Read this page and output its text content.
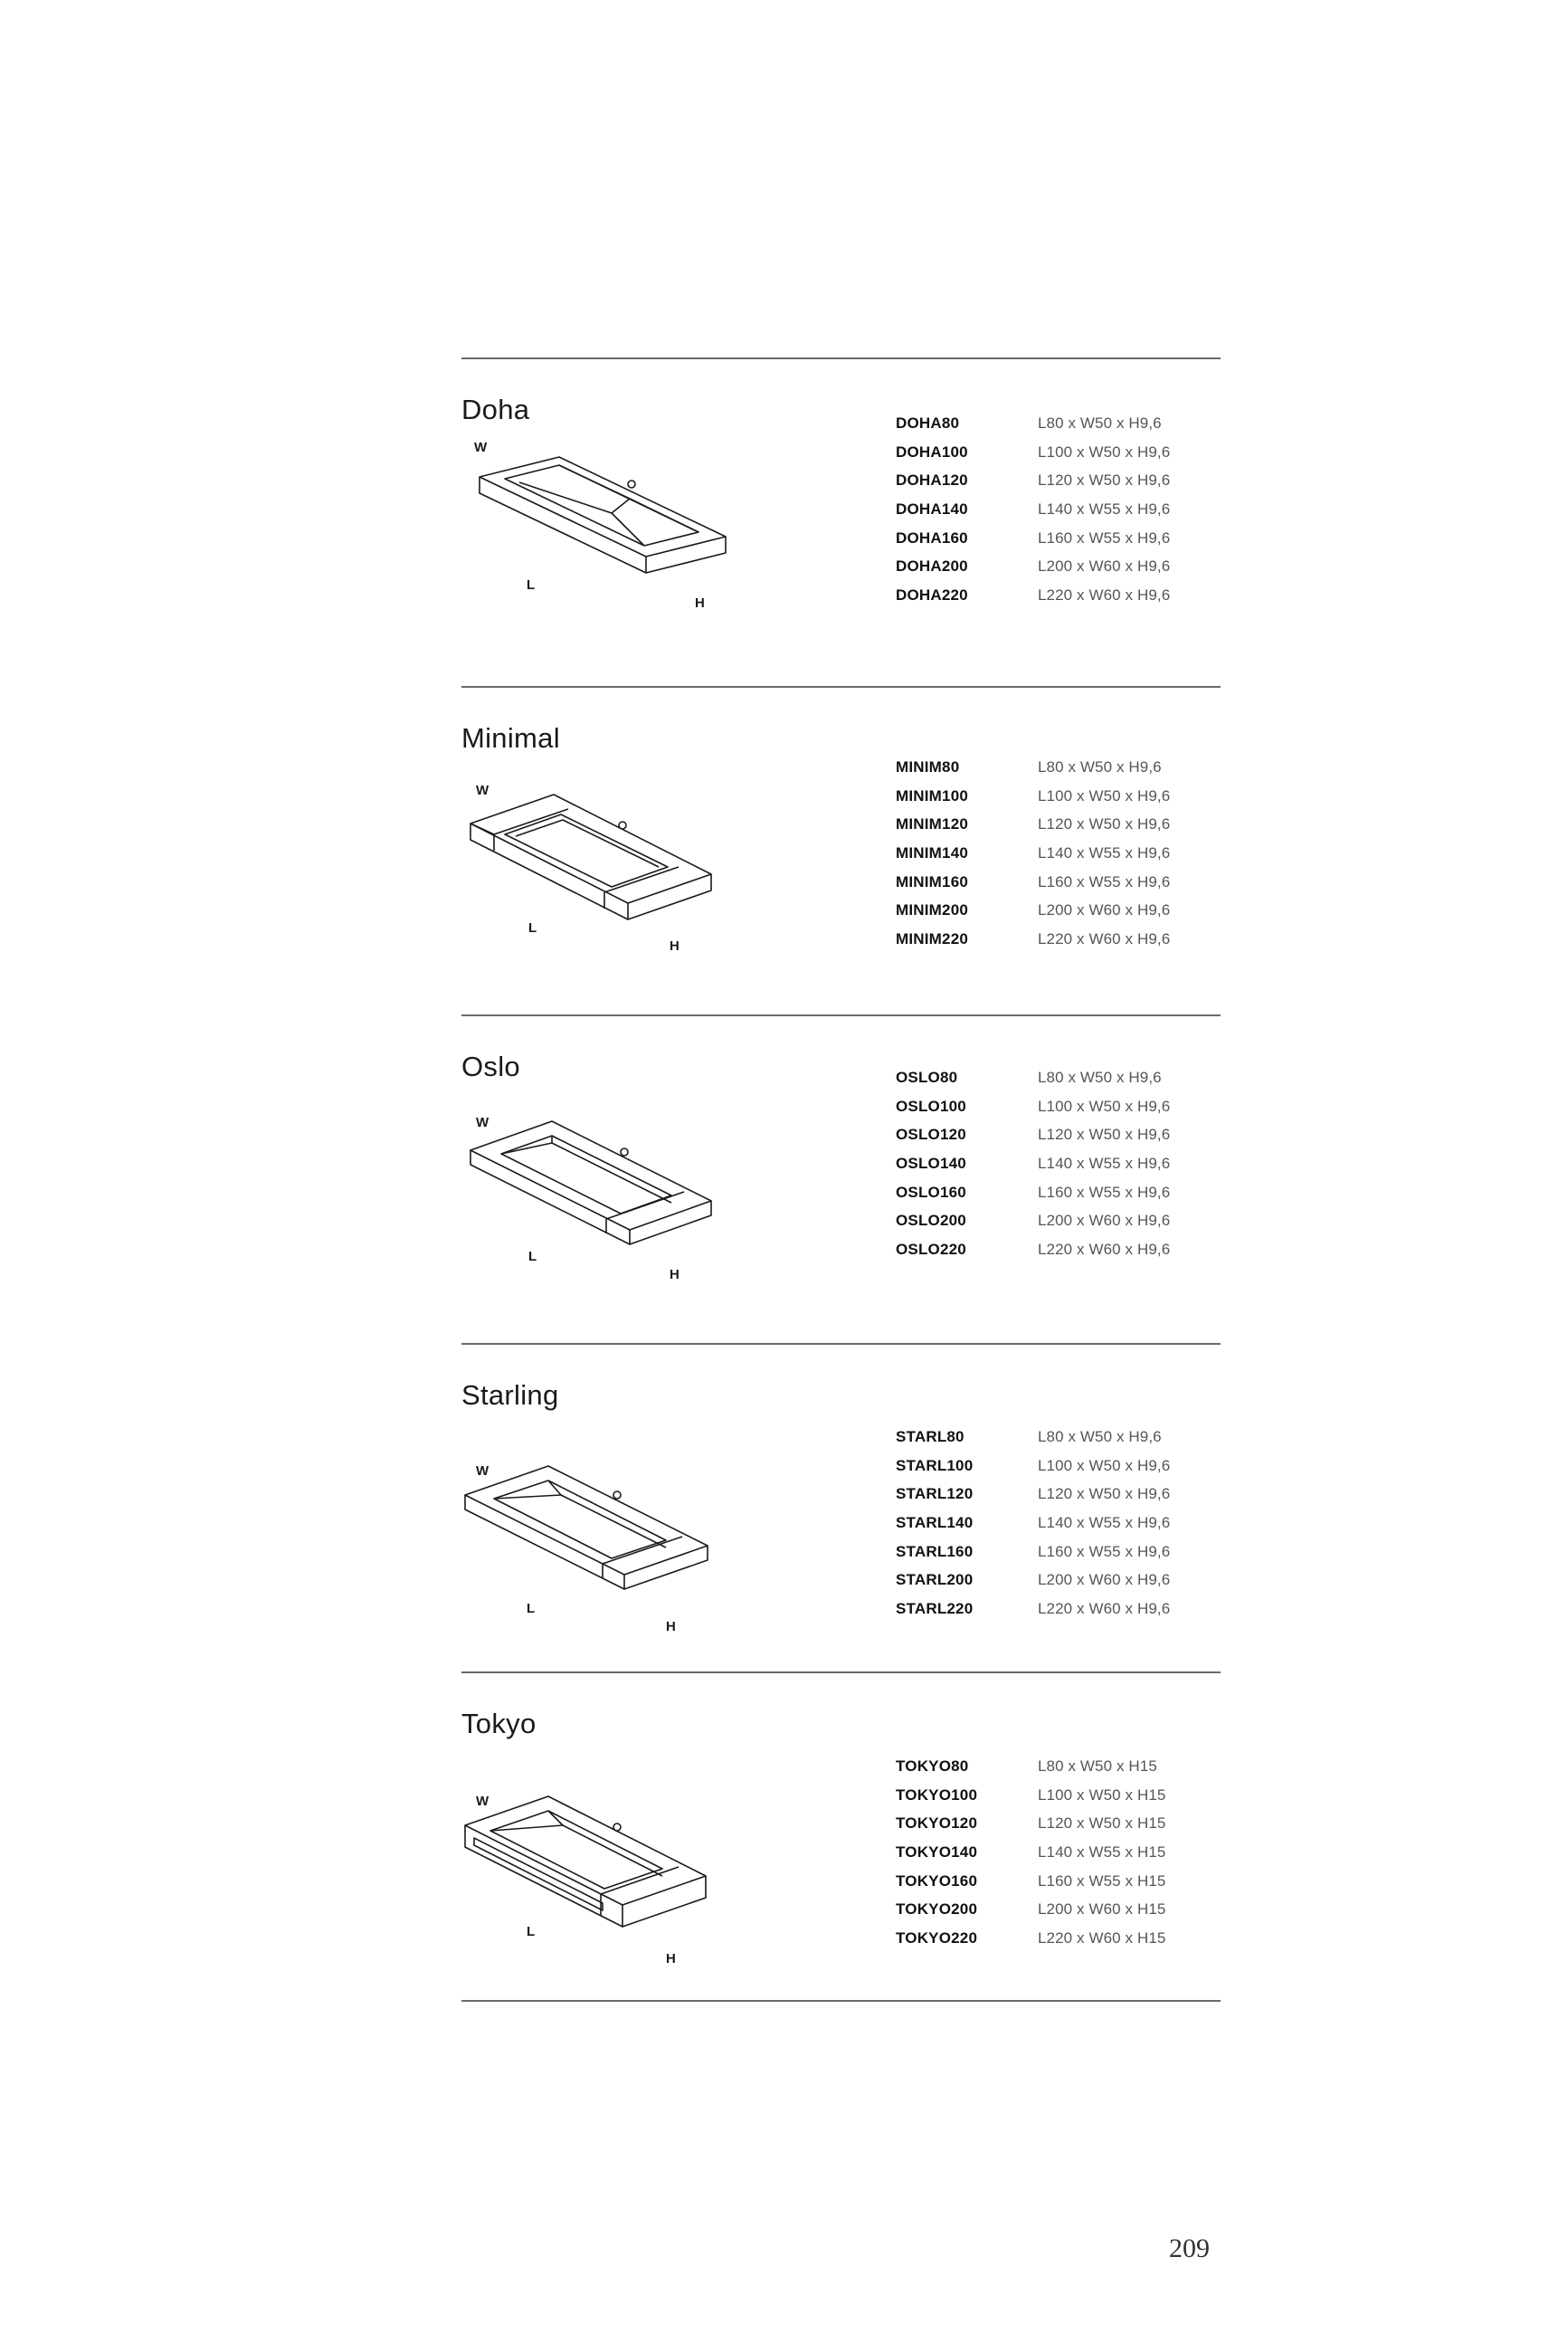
Doha
W
L
H
DOHA80	L80 x W50 x H9,6
DOHA100	L100 x W50 x H9,6
DOHA120	L120 x W50 x H9,6
DOHA140	L140 x W55 x H9,6
DOHA160	L160 x W55 x H9,6
DOHA200	L200 x W60 x H9,6
DOHA220	L220 x W60 x H9,6
Minimal
W
L
H
MINIM80	L80 x W50 x H9,6
MINIM100	L100 x W50 x H9,6
MINIM120	L120 x W50 x H9,6
MINIM140	L140 x W55 x H9,6
MINIM160	L160 x W55 x H9,6
MINIM200	L200 x W60 x H9,6
MINIM220	L220 x W60 x H9,6
Oslo
W
L
H
OSLO80	L80 x W50 x H9,6
OSLO100	L100 x W50 x H9,6
OSLO120	L120 x W50 x H9,6
OSLO140	L140 x W55 x H9,6
OSLO160	L160 x W55 x H9,6
OSLO200	L200 x W60 x H9,6
OSLO220	L220 x W60 x H9,6
Starling
W
L
H
STARL80	L80 x W50 x H9,6
STARL100	L100 x W50 x H9,6
STARL120	L120 x W50 x H9,6
STARL140	L140 x W55 x H9,6
STARL160	L160 x W55 x H9,6
STARL200	L200 x W60 x H9,6
STARL220	L220 x W60 x H9,6
Tokyo
W
L
H
TOKYO80	L80 x W50 x H15
TOKYO100	L100 x W50 x H15
TOKYO120	L120 x W50 x H15
TOKYO140	L140 x W55 x H15
TOKYO160	L160 x W55 x H15
TOKYO200	L200 x W60 x H15
TOKYO220	L220 x W60 x H15
209
